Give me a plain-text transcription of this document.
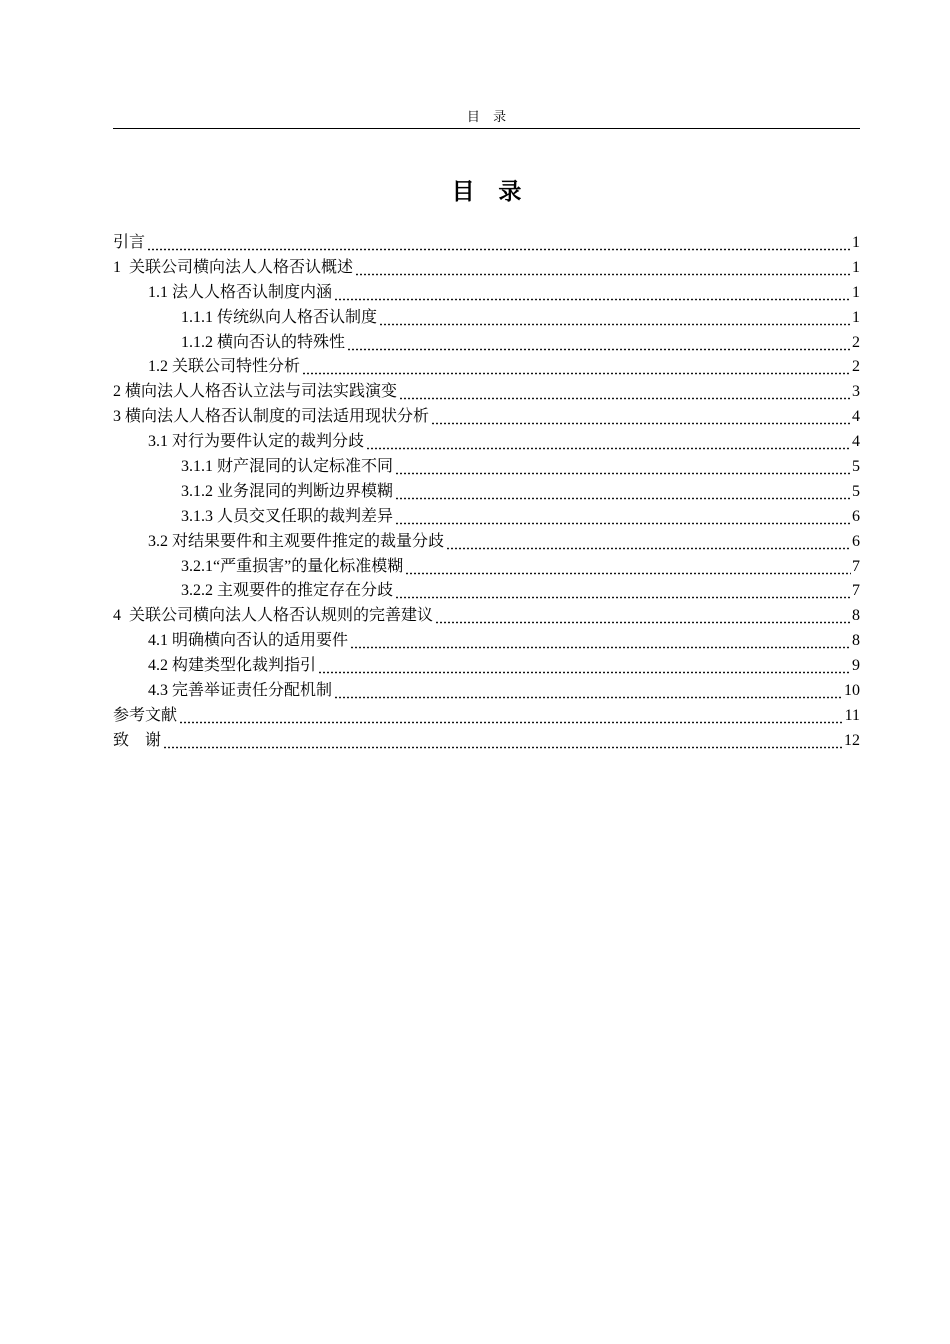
目 录
目 录
引言	1
1  关联公司横向法人人格否认概述	1
1.1 法人人格否认制度内涵	1
1.1.1 传统纵向人格否认制度	1
1.1.2 横向否认的特殊性	2
1.2 关联公司特性分析	2
2 横向法人人格否认立法与司法实践演变	3
3 横向法人人格否认制度的司法适用现状分析	4
3.1 对行为要件认定的裁判分歧	4
3.1.1 财产混同的认定标准不同	5
3.1.2 业务混同的判断边界模糊	5
3.1.3 人员交叉任职的裁判差异	6
3.2 对结果要件和主观要件推定的裁量分歧	6
3.2.1“严重损害”的量化标准模糊	7
3.2.2 主观要件的推定存在分歧	7
4  关联公司横向法人人格否认规则的完善建议	8
4.1 明确横向否认的适用要件	8
4.2 构建类型化裁判指引	9
4.3 完善举证责任分配机制	10
参考文献	11
致    谢	12
